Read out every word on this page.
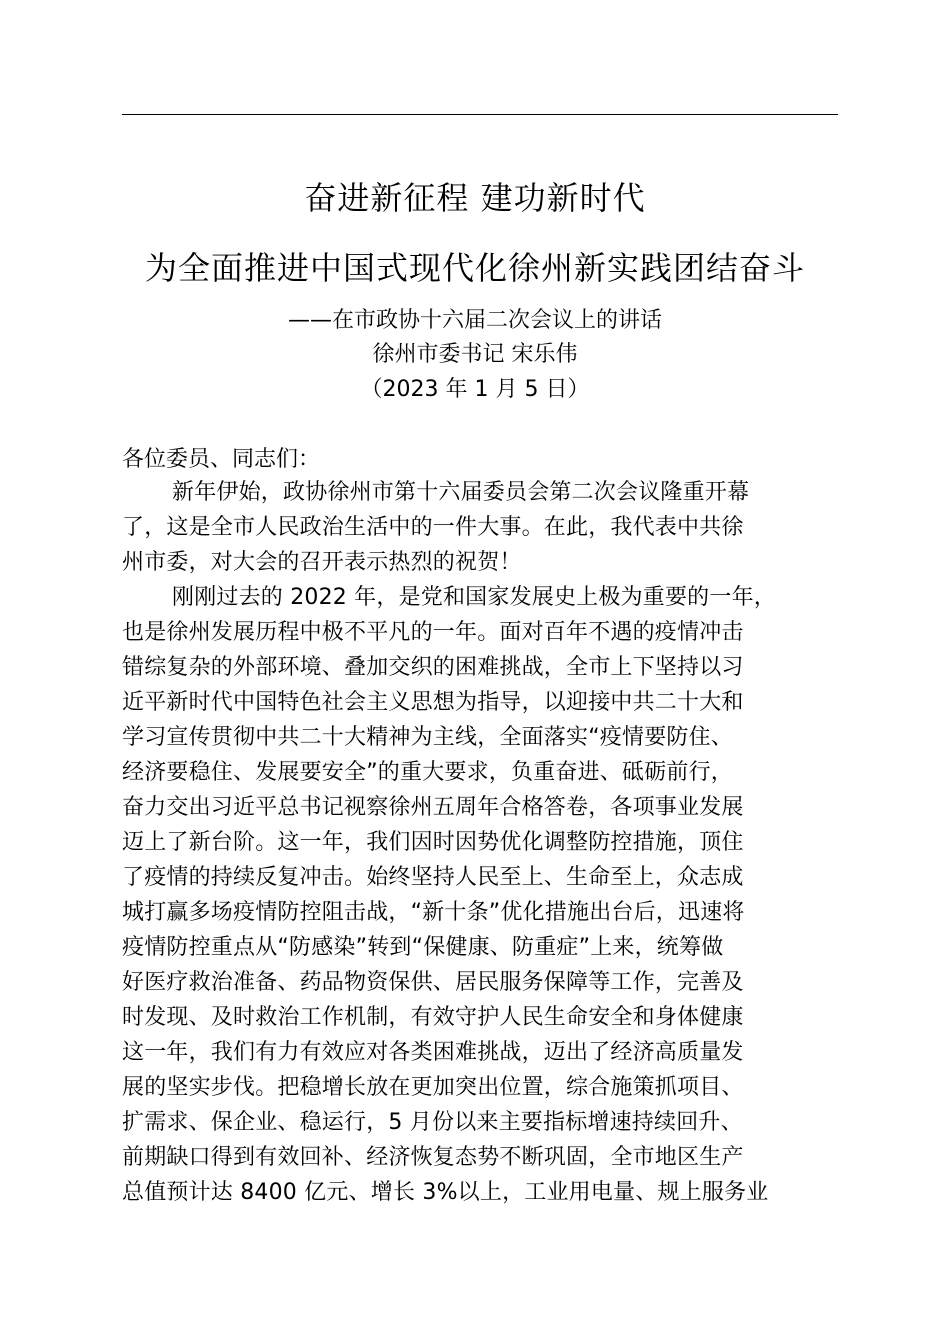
奋进新征程 建功新时代
为全面推进中国式现代化徐州新实践团结奋斗
——在市政协十六届二次会议上的讲话
徐州市委书记 宋乐伟
（2023 年 1 月 5 日）
各位委员、同志们：
新年伊始，政协徐州市第十六届委员会第二次会议隆重开幕
了，这是全市人民政治生活中的一件大事。在此，我代表中共徐
州市委，对大会的召开表示热烈的祝贺！
刚刚过去的 2022 年，是党和国家发展史上极为重要的一年，
也是徐州发展历程中极不平凡的一年。面对百年不遇的疫情冲击
错综复杂的外部环境、叠加交织的困难挑战，全市上下坚持以习
近平新时代中国特色社会主义思想为指导，以迎接中共二十大和
学习宣传贯彻中共二十大精神为主线，全面落实“疫情要防住、
经济要稳住、发展要安全”的重大要求，负重奋进、砥砺前行，
奋力交出习近平总书记视察徐州五周年合格答卷，各项事业发展
迈上了新台阶。这一年，我们因时因势优化调整防控措施，顶住
了疫情的持续反复冲击。始终坚持人民至上、生命至上，众志成
城打赢多场疫情防控阻击战，“新十条”优化措施出台后，迅速将
疫情防控重点从“防感染”转到“保健康、防重症”上来，统筹做
好医疗救治准备、药品物资保供、居民服务保障等工作，完善及
时发现、及时救治工作机制，有效守护人民生命安全和身体健康
这一年，我们有力有效应对各类困难挑战，迈出了经济高质量发
展的坚实步伐。把稳增长放在更加突出位置，综合施策抓项目、
扩需求、保企业、稳运行，5 月份以来主要指标增速持续回升、
前期缺口得到有效回补、经济恢复态势不断巩固，全市地区生产
总值预计达 8400 亿元、增长 3%以上，工业用电量、规上服务业
